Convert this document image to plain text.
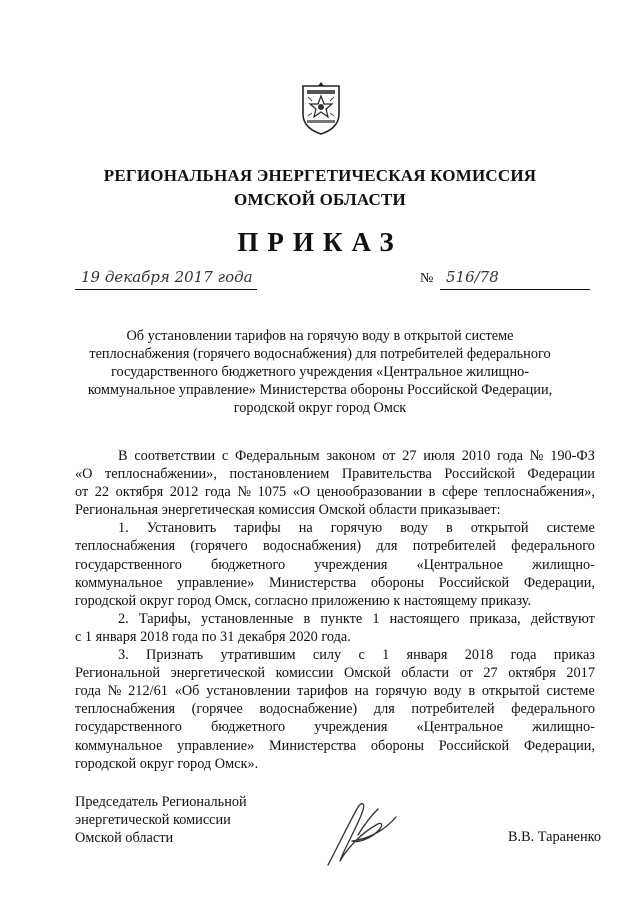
РЕГИОНАЛЬНАЯ ЭНЕРГЕТИЧЕСКАЯ КОМИССИЯ
ОМСКОЙ ОБЛАСТИ
ПРИКАЗ
19 декабря 2017 года	№ 516/78
Об установлении тарифов на горячую воду в открытой системе
теплоснабжения (горячего водоснабжения) для потребителей федерального
государственного бюджетного учреждения «Центральное жилищно-
коммунальное управление» Министерства обороны Российской Федерации,
городской округ город Омск
В соответствии с Федеральным законом от 27 июля 2010 года № 190-ФЗ
«О теплоснабжении», постановлением Правительства Российской Федерации
от 22 октября 2012 года № 1075 «О ценообразовании в сфере теплоснабжения»,
Региональная энергетическая комиссия Омской области приказывает:
1. Установить тарифы на горячую воду в открытой системе
теплоснабжения (горячего водоснабжения) для потребителей федерального
государственного бюджетного учреждения «Центральное жилищно-
коммунальное управление» Министерства обороны Российской Федерации,
городской округ город Омск, согласно приложению к настоящему приказу.
2. Тарифы, установленные в пункте 1 настоящего приказа, действуют
с 1 января 2018 года по 31 декабря 2020 года.
3. Признать утратившим силу с 1 января 2018 года приказ
Региональной энергетической комиссии Омской области от 27 октября 2017
года № 212/61 «Об установлении тарифов на горячую воду в открытой системе
теплоснабжения (горячее водоснабжение) для потребителей федерального
государственного бюджетного учреждения «Центральное жилищно-
коммунальное управление» Министерства обороны Российской Федерации,
городской округ город Омск».
Председатель Региональной
энергетической комиссии
Омской области	В.В. Тараненко
